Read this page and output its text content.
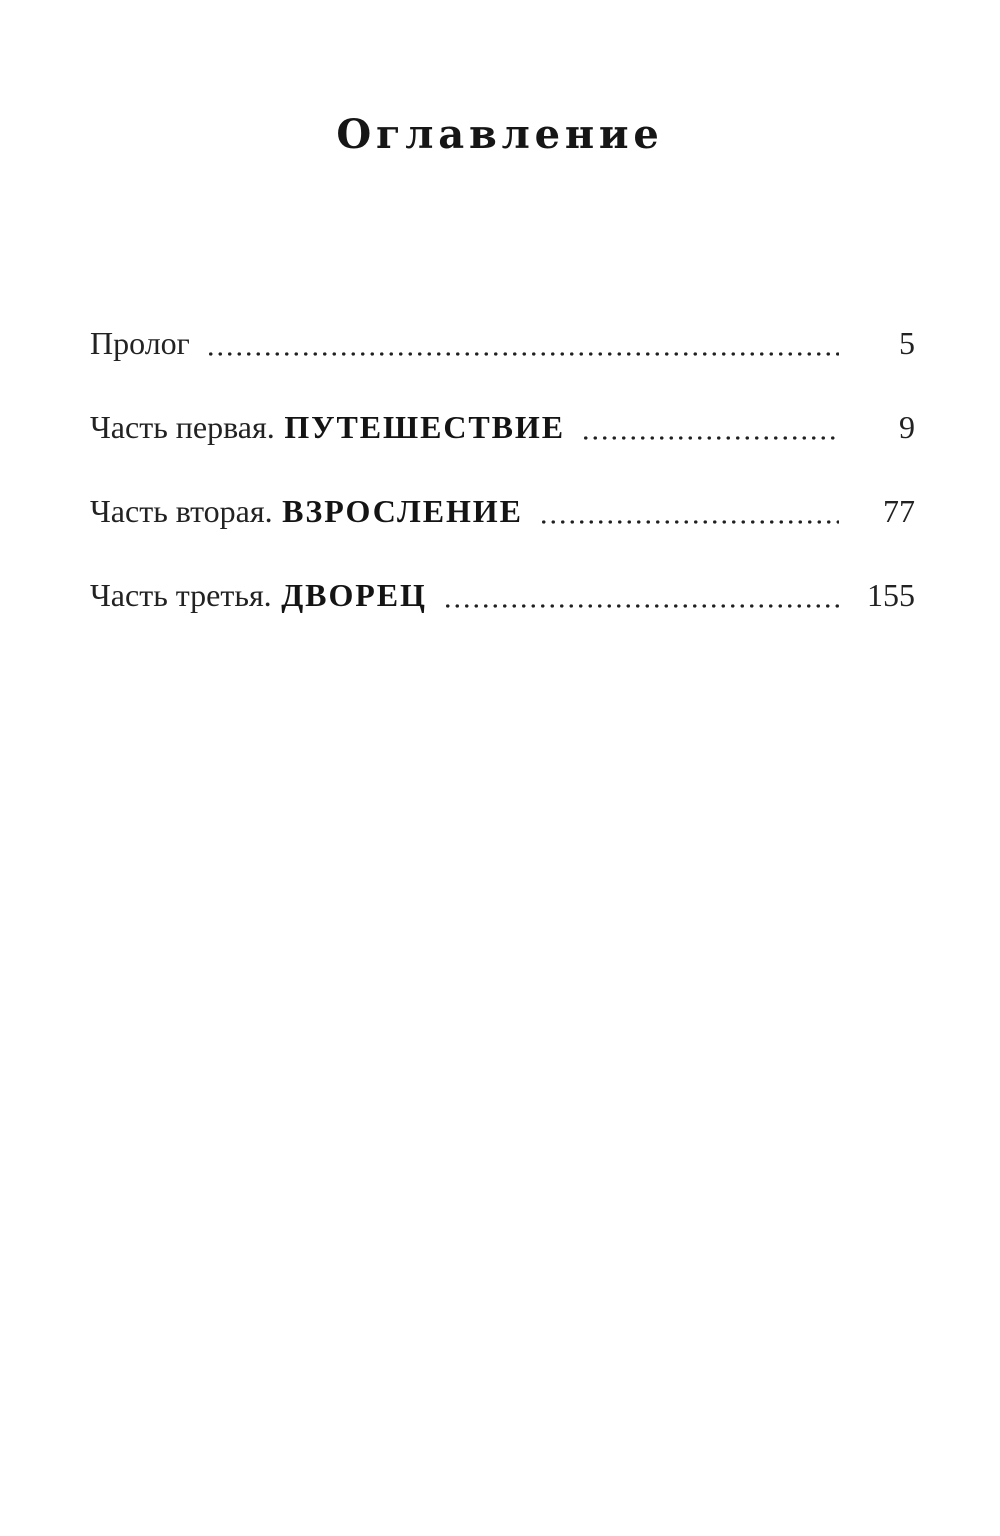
Оглавление
Пролог	5
Часть первая. ПУТЕШЕСТВИЕ	9
Часть вторая. ВЗРОСЛЕНИЕ	77
Часть третья. ДВОРЕЦ	155
